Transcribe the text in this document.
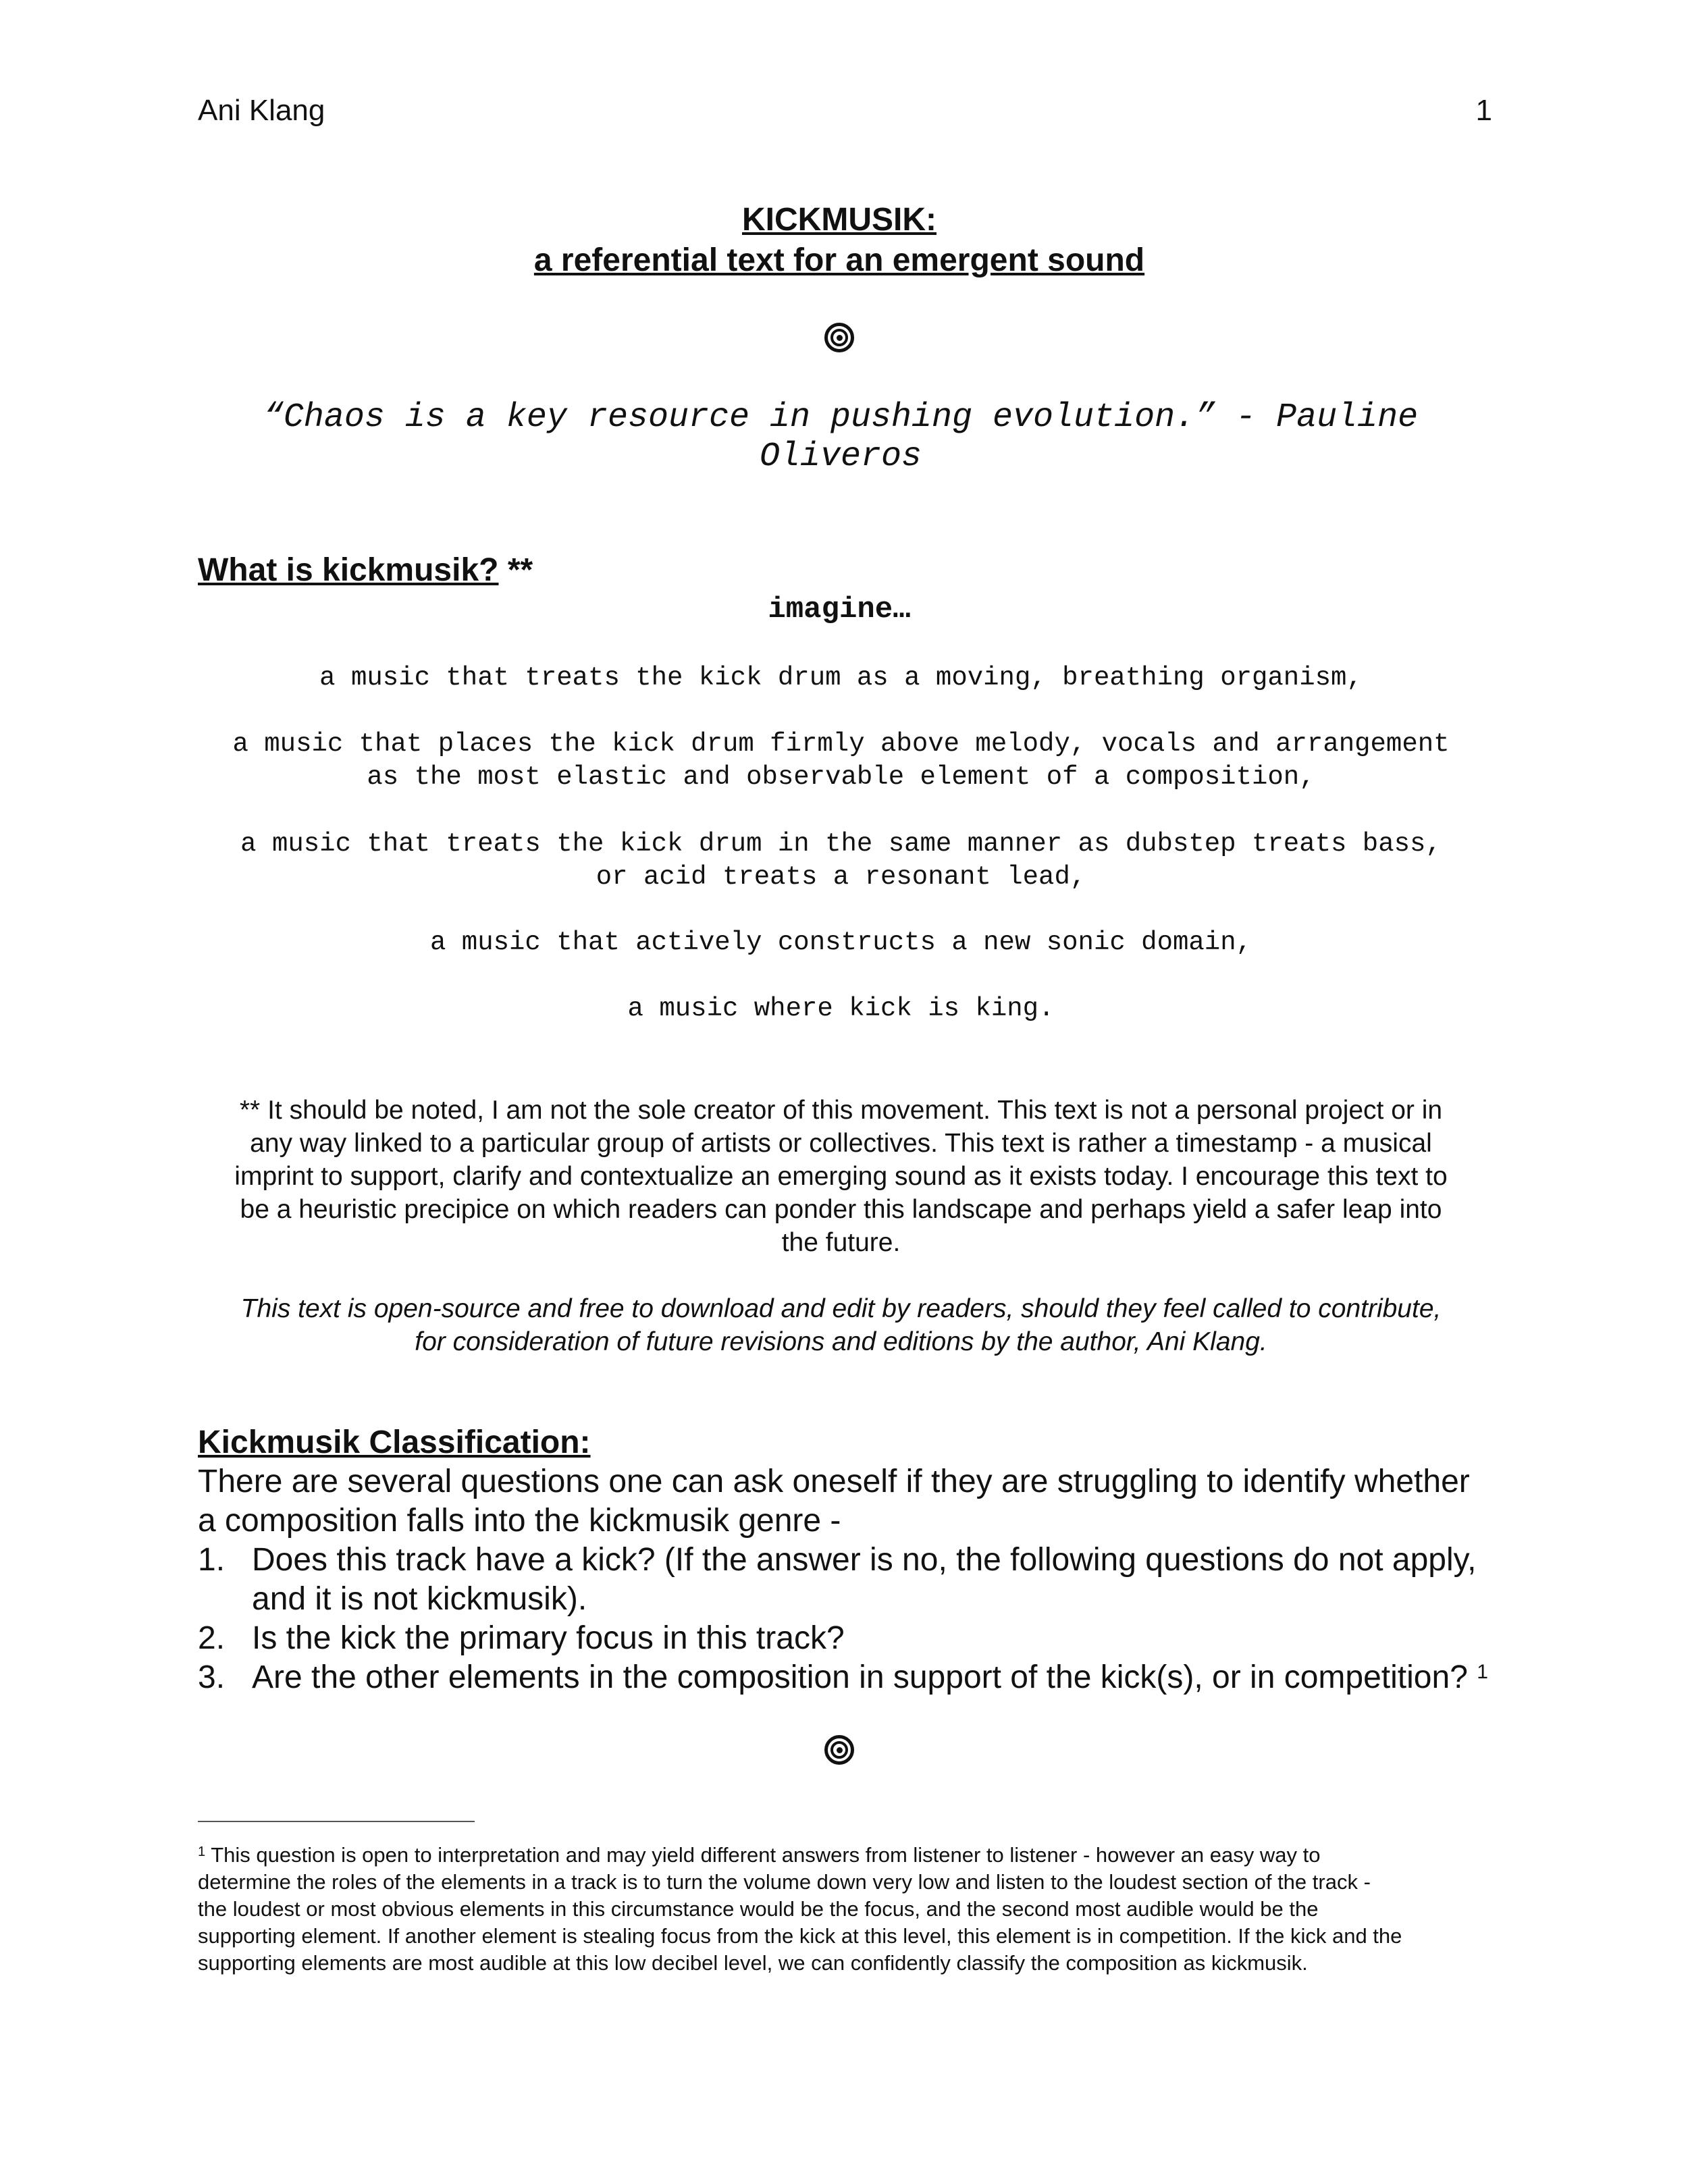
Ani Klang	1
KICKMUSIK:
a referential text for an emergent sound
“Chaos is a key resource in pushing evolution.” - Pauline
Oliveros
What is kickmusik? **
imagine…
a music that treats the kick drum as a moving, breathing organism,
a music that places the kick drum firmly above melody, vocals and arrangement
as the most elastic and observable element of a composition,
a music that treats the kick drum in the same manner as dubstep treats bass,
or acid treats a resonant lead,
a music that actively constructs a new sonic domain,
a music where kick is king.
** It should be noted, I am not the sole creator of this movement. This text is not a personal project or in
any way linked to a particular group of artists or collectives. This text is rather a timestamp - a musical
imprint to support, clarify and contextualize an emerging sound as it exists today. I encourage this text to
be a heuristic precipice on which readers can ponder this landscape and perhaps yield a safer leap into
the future.
This text is open-source and free to download and edit by readers, should they feel called to contribute,
for consideration of future revisions and editions by the author, Ani Klang.
Kickmusik Classification:
There are several questions one can ask oneself if they are struggling to identify whether a composition falls into the kickmusik genre -
1. Does this track have a kick? (If the answer is no, the following questions do not apply, and it is not kickmusik).
2. Is the kick the primary focus in this track?
3. Are the other elements in the composition in support of the kick(s), or in competition? $^1$
$^1$ This question is open to interpretation and may yield different answers from listener to listener - however an easy way to
determine the roles of the elements in a track is to turn the volume down very low and listen to the loudest section of the track -
the loudest or most obvious elements in this circumstance would be the focus, and the second most audible would be the
supporting element. If another element is stealing focus from the kick at this level, this element is in competition. If the kick and the
supporting elements are most audible at this low decibel level, we can confidently classify the composition as kickmusik.
